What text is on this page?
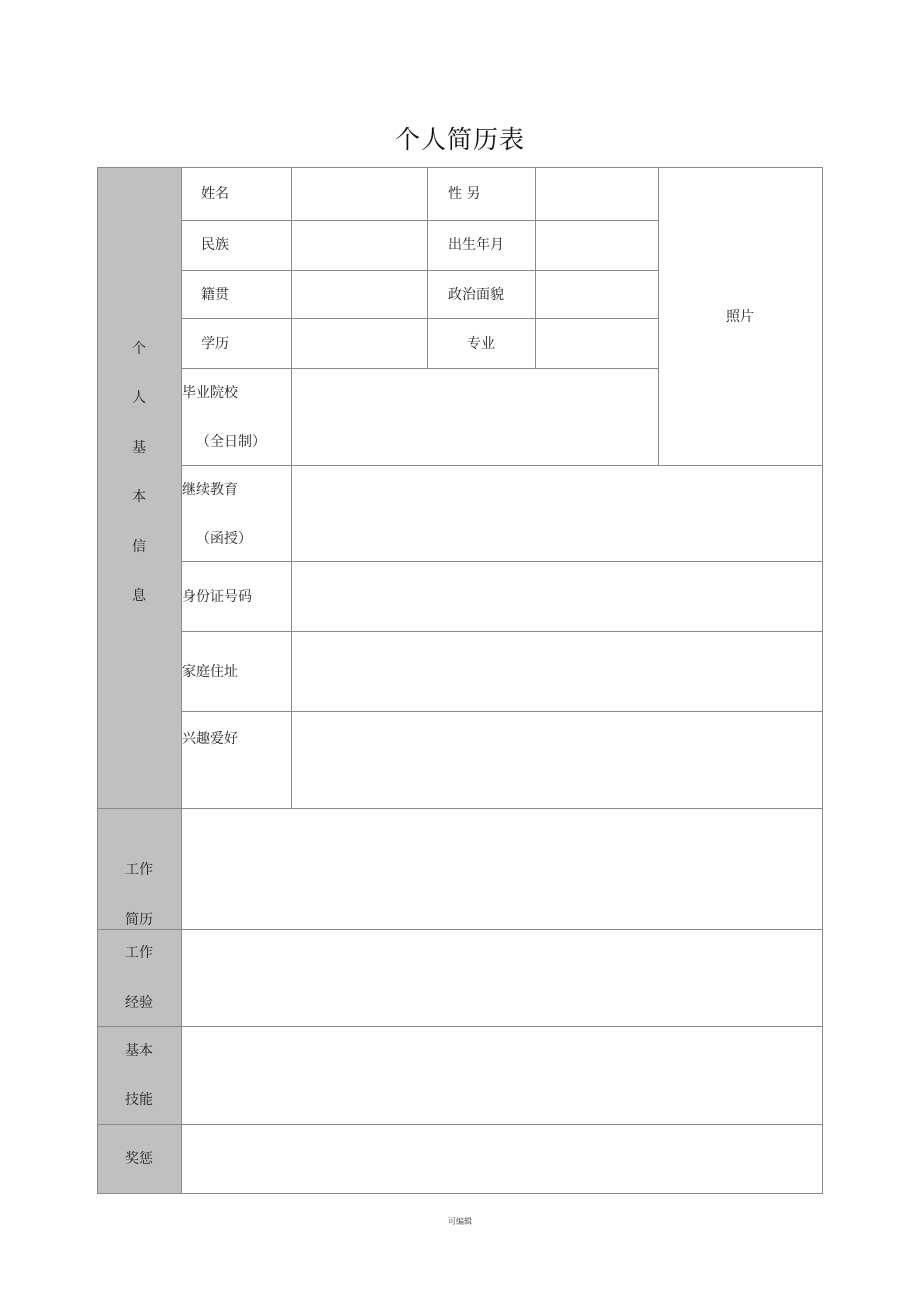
个人简历表
个
人
基
本
信
息
姓名	性 另
民族	出生年月
籍贯	政治面貌
学历	专业
毕业院校
（全日制）
继续教育
（函授）
身份证号码
家庭住址
兴趣爱好
照片
工作
简历
工作
经验
基本
技能
奖惩
可编辑
